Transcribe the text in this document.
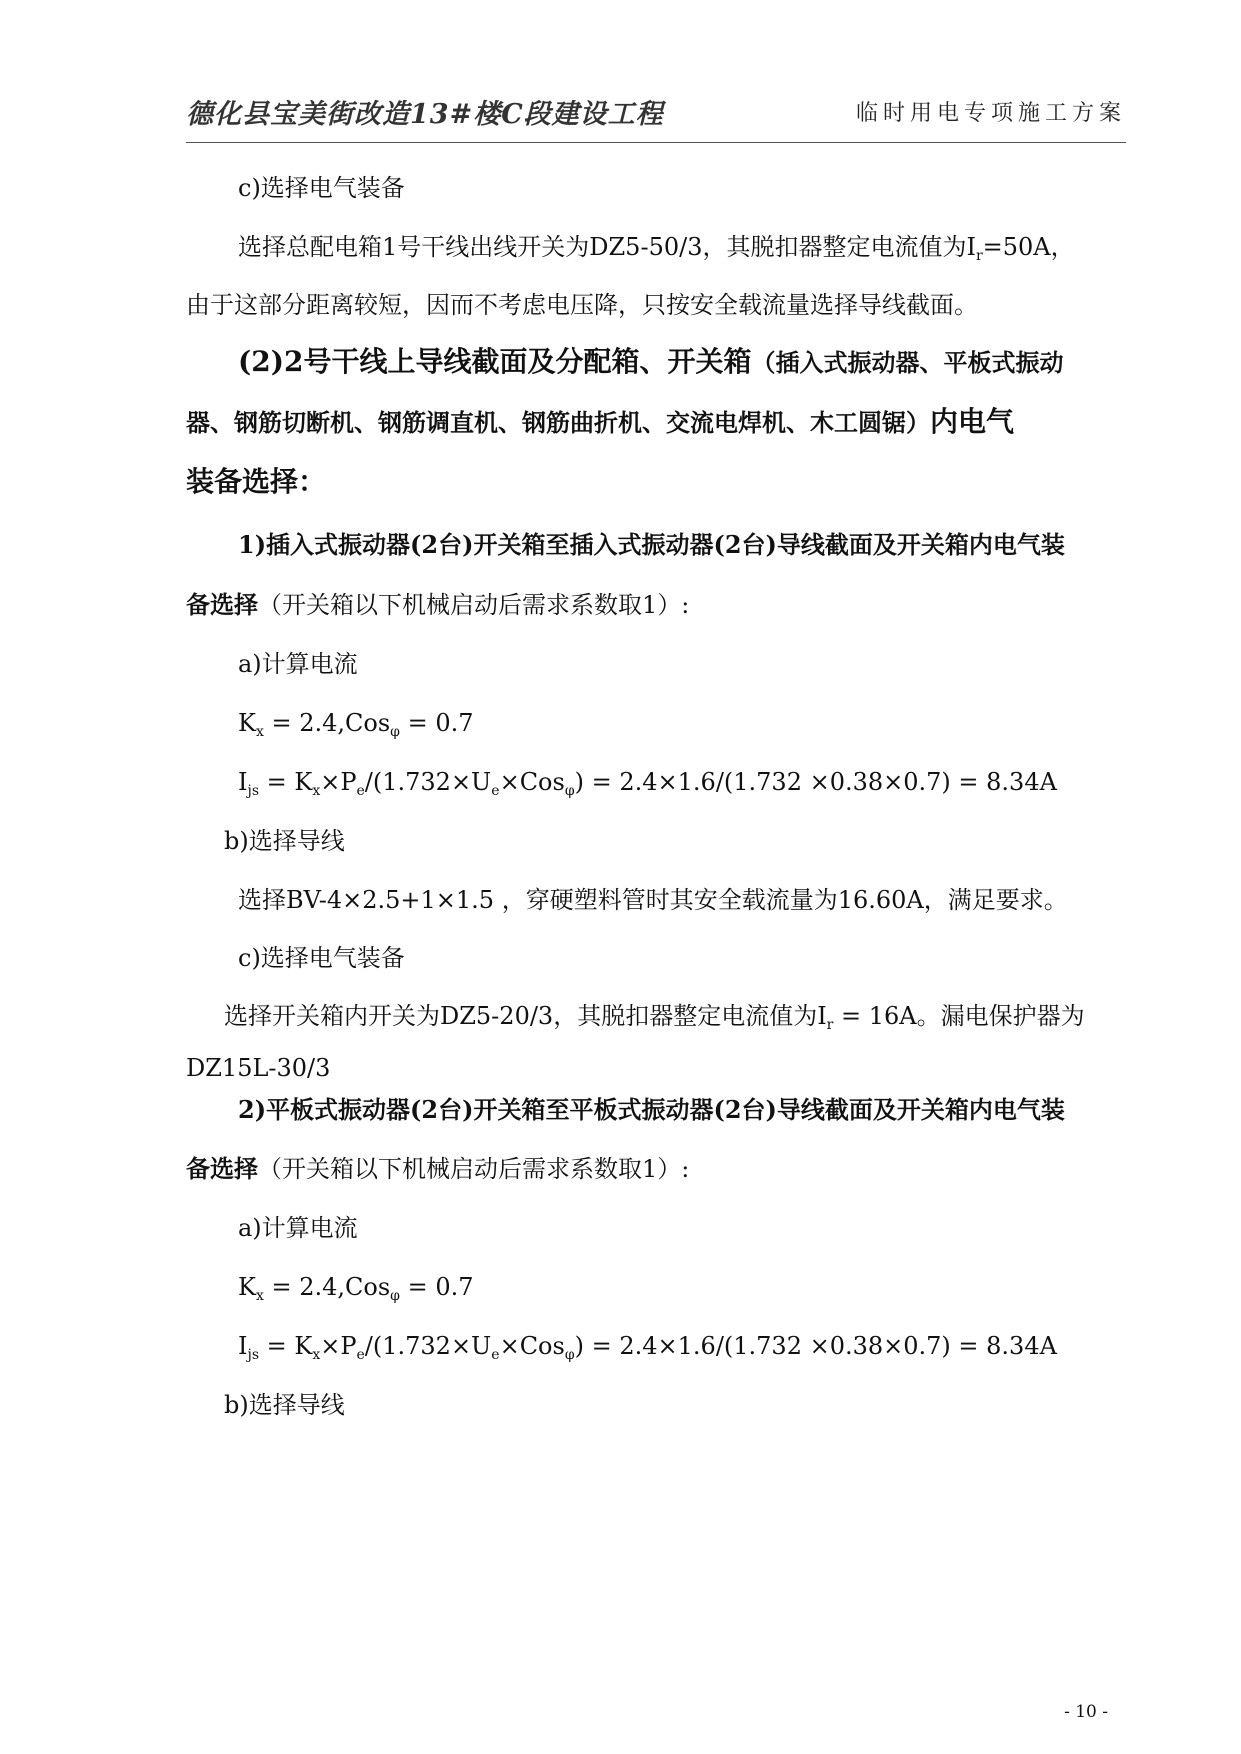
德化县宝美街改造13#楼C段建设工程	临时用电专项施工方案
c)选择电气装备
选择总配电箱1号干线出线开关为DZ5-50/3，其脱扣器整定电流值为$I_r=50A$，
由于这部分距离较短，因而不考虑电压降，只按安全载流量选择导线截面。
(2)2号干线上导线截面及分配箱、开关箱（插入式振动器、平板式振动
器、钢筋切断机、钢筋调直机、钢筋曲折机、交流电焊机、木工圆锯）内电气
装备选择：
1)插入式振动器(2台)开关箱至插入式振动器(2台)导线截面及开关箱内电气装
备选择（开关箱以下机械启动后需求系数取1）:
a)计算电流
$K_x = 2.4,Cos_\varphi = 0.7$
$I_{js} = K_x\times P_e/(1.732\times U_e\times Cos_\varphi) = 2.4\times 1.6/(1.732 \times 0.38\times 0.7) = 8.34A$
b)选择导线
选择BV-4×2.5+1×1.5 ，穿硬塑料管时其安全载流量为16.60A，满足要求。
c)选择电气装备
选择开关箱内开关为DZ5-20/3，其脱扣器整定电流值为$I_r = 16A$。漏电保护器为
DZ15L-30/3
2)平板式振动器(2台)开关箱至平板式振动器(2台)导线截面及开关箱内电气装
备选择（开关箱以下机械启动后需求系数取1）:
a)计算电流
$K_x = 2.4,Cos_\varphi = 0.7$
$I_{js} = K_x\times P_e/(1.732\times U_e\times Cos_\varphi) = 2.4\times 1.6/(1.732 \times 0.38\times 0.7) = 8.34A$
b)选择导线
- 10 -
